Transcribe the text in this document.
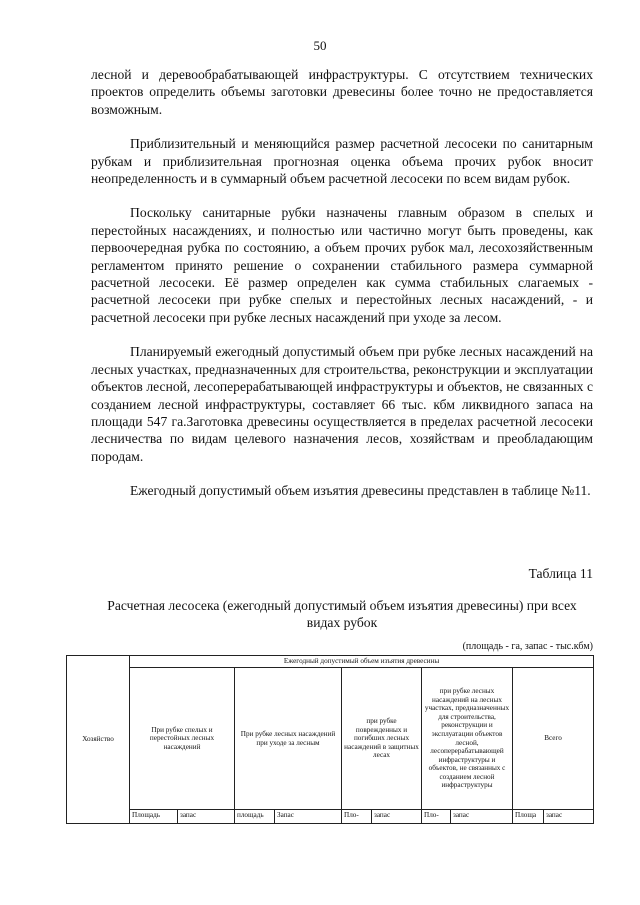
50

лесной и деревообрабатывающей инфраструктуры. С отсутствием технических проектов определить объемы заготовки древесины более точно не предоставляется возможным.

Приблизительный и меняющийся размер расчетной лесосеки по санитарным рубкам и приблизительная прогнозная оценка объема прочих рубок вносит неопределенность и в суммарный объем расчетной лесосеки по всем видам рубок.

Поскольку санитарные рубки назначены главным образом в спелых и перестойных насаждениях, и полностью или частично могут быть проведены, как первоочередная рубка по состоянию, а объем прочих рубок мал, лесохозяйственным регламентом принято решение о сохранении стабильного размера суммарной расчетной лесосеки. Её размер определен как сумма стабильных слагаемых - расчетной лесосеки при рубке спелых и перестойных лесных насаждений, - и расчетной лесосеки при рубке лесных насаждений при уходе за лесом.

Планируемый ежегодный допустимый объем при рубке лесных насаждений на лесных участках, предназначенных для строительства, реконструкции и эксплуатации объектов лесной, лесоперерабатывающей инфраструктуры и объектов, не связанных с созданием лесной инфраструктуры, составляет 66 тыс. кбм ликвидного запаса на площади 547 га.Заготовка древесины осуществляется в пределах расчетной лесосеки лесничества по видам целевого назначения лесов, хозяйствам и преобладающим породам.

Ежегодный допустимый объем изъятия древесины представлен в таблице №11.

Таблица 11
Расчетная лесосека (ежегодный допустимый объем изъятия древесины) при всех видах рубок
(площадь - га, запас - тыс.кбм)
Хозяйство	Ежегодный допустимый объем изъятия древесины									
	При рубке спелых и перестойных лесных насаждений		При рубке лесных насаждений при уходе за лесным		при рубке поврежденных и погибших лесных насаждений в защитных лесах		при рубке лесных насаждений на лесных участках, предназначенных для строительства, реконструкции и эксплуатации объектов лесной, лесоперерабатывающей инфраструктуры и объектов, не связанных с созданием лесной инфраструктуры		Всего	
	Площадь	запас	площадь	Запас	Пло-	запас	Пло-	запас	Площа	запас
